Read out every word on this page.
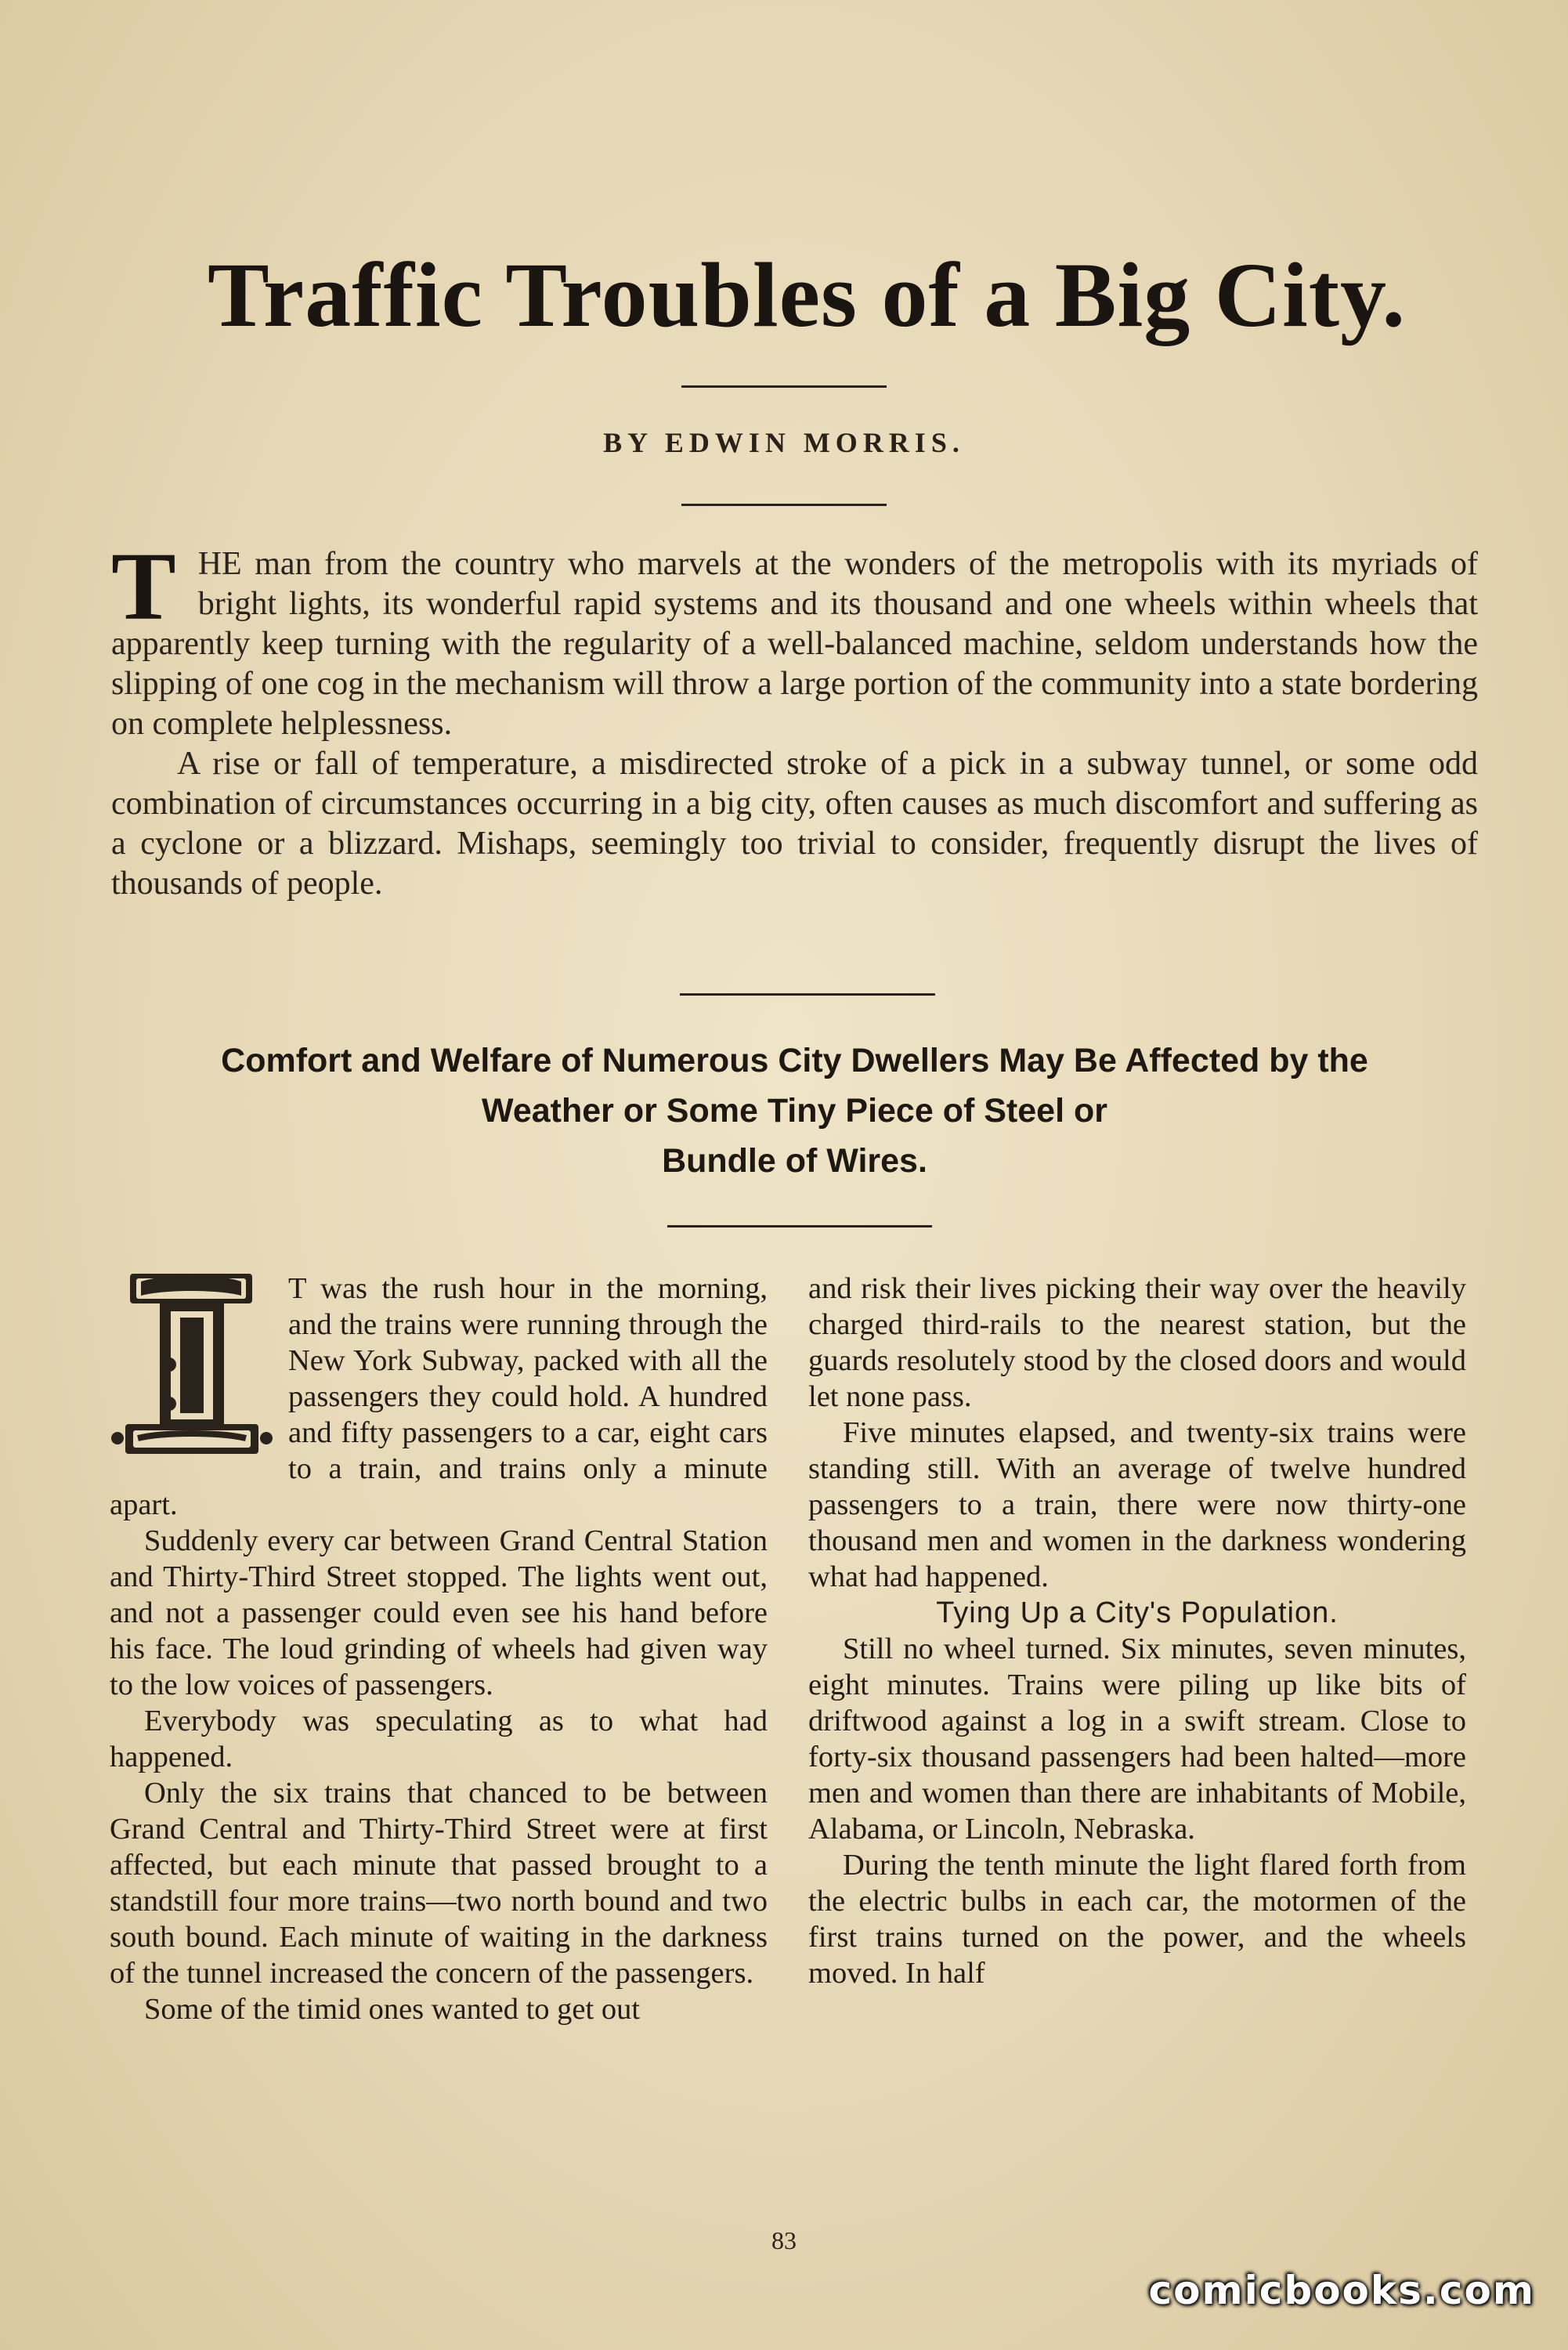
Traffic Troubles of a Big City.
BY EDWIN MORRIS.

THE man from the country who marvels at the wonders of the metropolis with its myriads of bright lights, its wonderful rapid systems and its thousand and one wheels within wheels that apparently keep turning with the regularity of a well-balanced machine, seldom understands how the slipping of one cog in the mechanism will throw a large portion of the community into a state bordering on complete helplessness.

A rise or fall of temperature, a misdirected stroke of a pick in a subway tunnel, or some odd combination of circumstances occurring in a big city, often causes as much discomfort and suffering as a cyclone or a blizzard. Mishaps, seemingly too trivial to consider, frequently disrupt the lives of thousands of people.

Comfort and Welfare of Numerous City Dwellers May Be Affected by the
Weather or Some Tiny Piece of Steel or
Bundle of Wires.

T was the rush hour in the morning, and the trains were running through the New York Subway, packed with all the passengers they could hold. A hundred and fifty passengers to a car, eight cars to a train, and trains only a minute apart.

Suddenly every car between Grand Central Station and Thirty-Third Street stopped. The lights went out, and not a passenger could even see his hand before his face. The loud grinding of wheels had given way to the low voices of passengers.

Everybody was speculating as to what had happened.

Only the six trains that chanced to be between Grand Central and Thirty-Third Street were at first affected, but each minute that passed brought to a standstill four more trains—two north bound and two south bound. Each minute of waiting in the darkness of the tunnel increased the concern of the passengers.

Some of the timid ones wanted to get out

and risk their lives picking their way over the heavily charged third-rails to the nearest station, but the guards resolutely stood by the closed doors and would let none pass.

Five minutes elapsed, and twenty-six trains were standing still. With an average of twelve hundred passengers to a train, there were now thirty-one thousand men and women in the darkness wondering what had happened.

Tying Up a City's Population.

Still no wheel turned. Six minutes, seven minutes, eight minutes. Trains were piling up like bits of driftwood against a log in a swift stream. Close to forty-six thousand passengers had been halted—more men and women than there are inhabitants of Mobile, Alabama, or Lincoln, Nebraska.

During the tenth minute the light flared forth from the electric bulbs in each car, the motormen of the first trains turned on the power, and the wheels moved. In half

83
comicbooks.com
